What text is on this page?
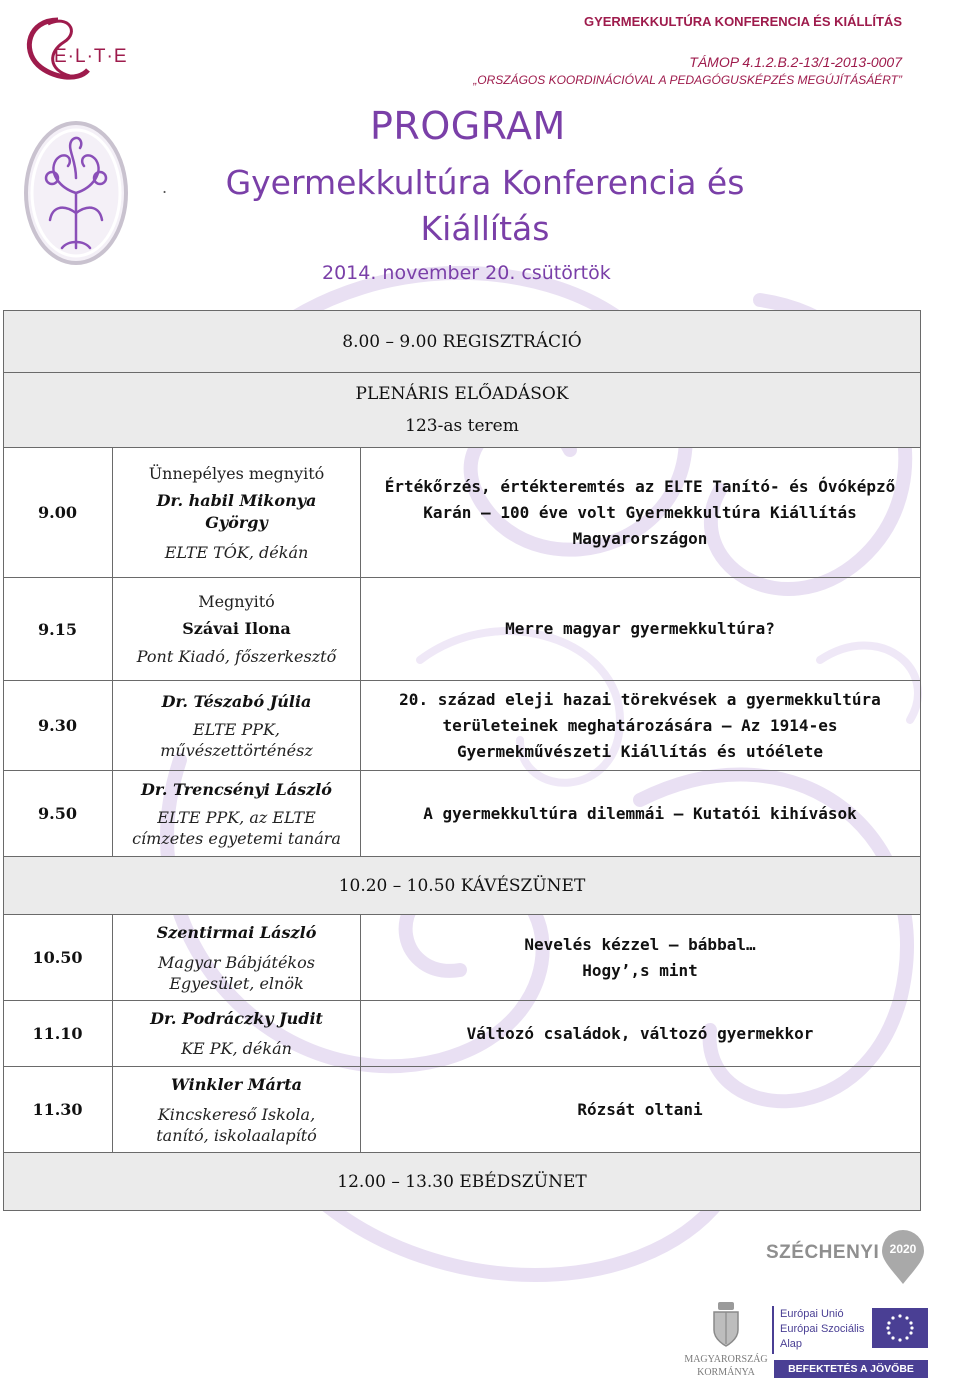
E·L·T·E
GYERMEKKULTÚRA KONFERENCIA ÉS KIÁLLÍTÁS
TÁMOP 4.1.2.B.2-13/1-2013-0007
„ORSZÁGOS KOORDINÁCIÓVAL A PEDAGÓGUSKÉPZÉS MEGÚJÍTÁSÁÉRT”
.
PROGRAM
Gyermekkultúra Konferencia és Kiállítás
2014. november 20. csütörtök
8.00 – 9.00 REGISZTRÁCIÓ
PLENÁRIS ELŐADÁSOK
123-as terem
10.20 – 10.50 KÁVÉSZÜNET
12.00 – 13.30 EBÉDSZÜNET
9.00
Ünnepélyes megnyitó
Dr. habil Mikonya György
ELTE TÓK, dékán
Értékőrzés, értékteremtés az ELTE Tanító- és Óvóképző Karán – 100 éve volt Gyermekkultúra Kiállítás Magyarországon
9.15
Megnyitó
Szávai Ilona
Pont Kiadó, főszerkesztő
Merre magyar gyermekkultúra?
9.30
Dr. Tészabó Júlia
ELTE PPK, művészettörténész
20. század eleji hazai törekvések a gyermekkultúra területeinek meghatározására – Az 1914-es Gyermekművészeti Kiállítás és utóélete
9.50
Dr. Trencsényi László
ELTE PPK, az ELTE címzetes egyetemi tanára
A gyermekkultúra dilemmái – Kutatói kihívások
10.50
Szentirmai László
Magyar Bábjátékos Egyesület, elnök
Nevelés kézzel – bábbal… Hogy’,s mint
11.10
Dr. Podráczky Judit
KE PK, dékán
Változó családok, változó gyermekkor
11.30
Winkler Márta
Kincskereső Iskola, tanító, iskolaalapító
Rózsát oltani
SZÉCHENYI 2020
MAGYARORSZÁG
KORMÁNYA
Európai Unió
Európai Szociális
Alap
BEFEKTETÉS A JÖVŐBE
